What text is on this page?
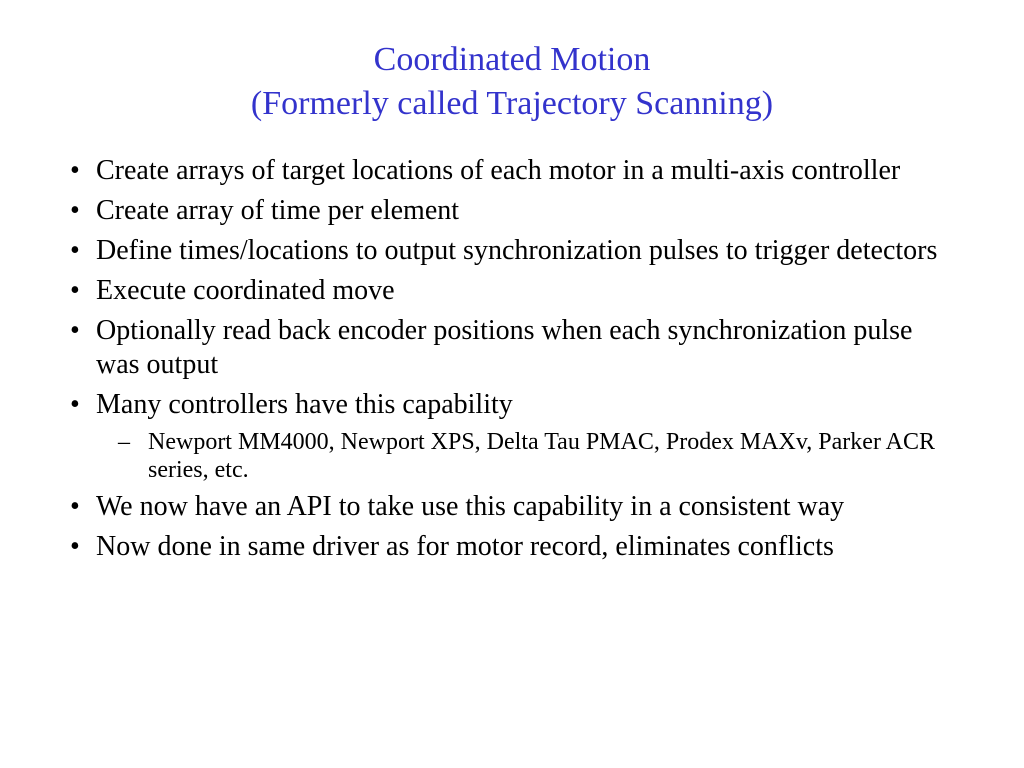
Coordinated Motion
(Formerly called Trajectory Scanning)
• Create arrays of target locations of each motor in a multi-axis controller
• Create array of time per element
• Define times/locations to output synchronization pulses to trigger detectors
• Execute coordinated move
• Optionally read back encoder positions when each synchronization pulse was output
• Many controllers have this capability
– Newport MM4000, Newport XPS, Delta Tau PMAC, Prodex MAXv, Parker ACR series, etc.
• We now have an API to take use this capability in a consistent way
• Now done in same driver as for motor record, eliminates conflicts
